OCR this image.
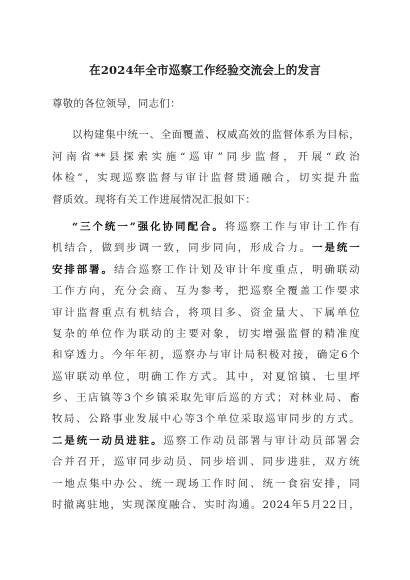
在2024年全市巡察工作经验交流会上的发言
尊敬的各位领导，同志们：
以构建集中统一、全面覆盖、权威高效的监督体系为目标，
河南省**县探索实施“巡审”同步监督，开展“政治
体检”，实现巡察监督与审计监督贯通融合，切实提升监
督质效。现将有关工作进展情况汇报如下：
“三个统一”强化协同配合。将巡察工作与审计工作有
机结合，做到步调一致，同步同向，形成合力。一是统一
安排部署。结合巡察工作计划及审计年度重点，明确联动
工作方向，充分会商、互为参考，把巡察全覆盖工作要求
审计监督重点有机结合，将项目多、资金量大、下属单位
复杂的单位作为联动的主要对象，切实增强监督的精准度
和穿透力。今年年初，巡察办与审计局积极对接，确定6个
巡审联动单位，明确工作方式。其中，对夏馆镇、七里坪
乡、王店镇等3个乡镇采取先审后巡的方式；对林业局、畜
牧局、公路事业发展中心等3个单位采取巡审同步的方式。
二是统一动员进驻。巡察工作动员部署与审计动员部署会
合并召开，巡审同步动员、同步培训、同步进驻，双方统
一地点集中办公、统一现场工作时间、统一食宿安排，同
时撤离驻地，实现深度融合、实时沟通。2024年5月22日，
